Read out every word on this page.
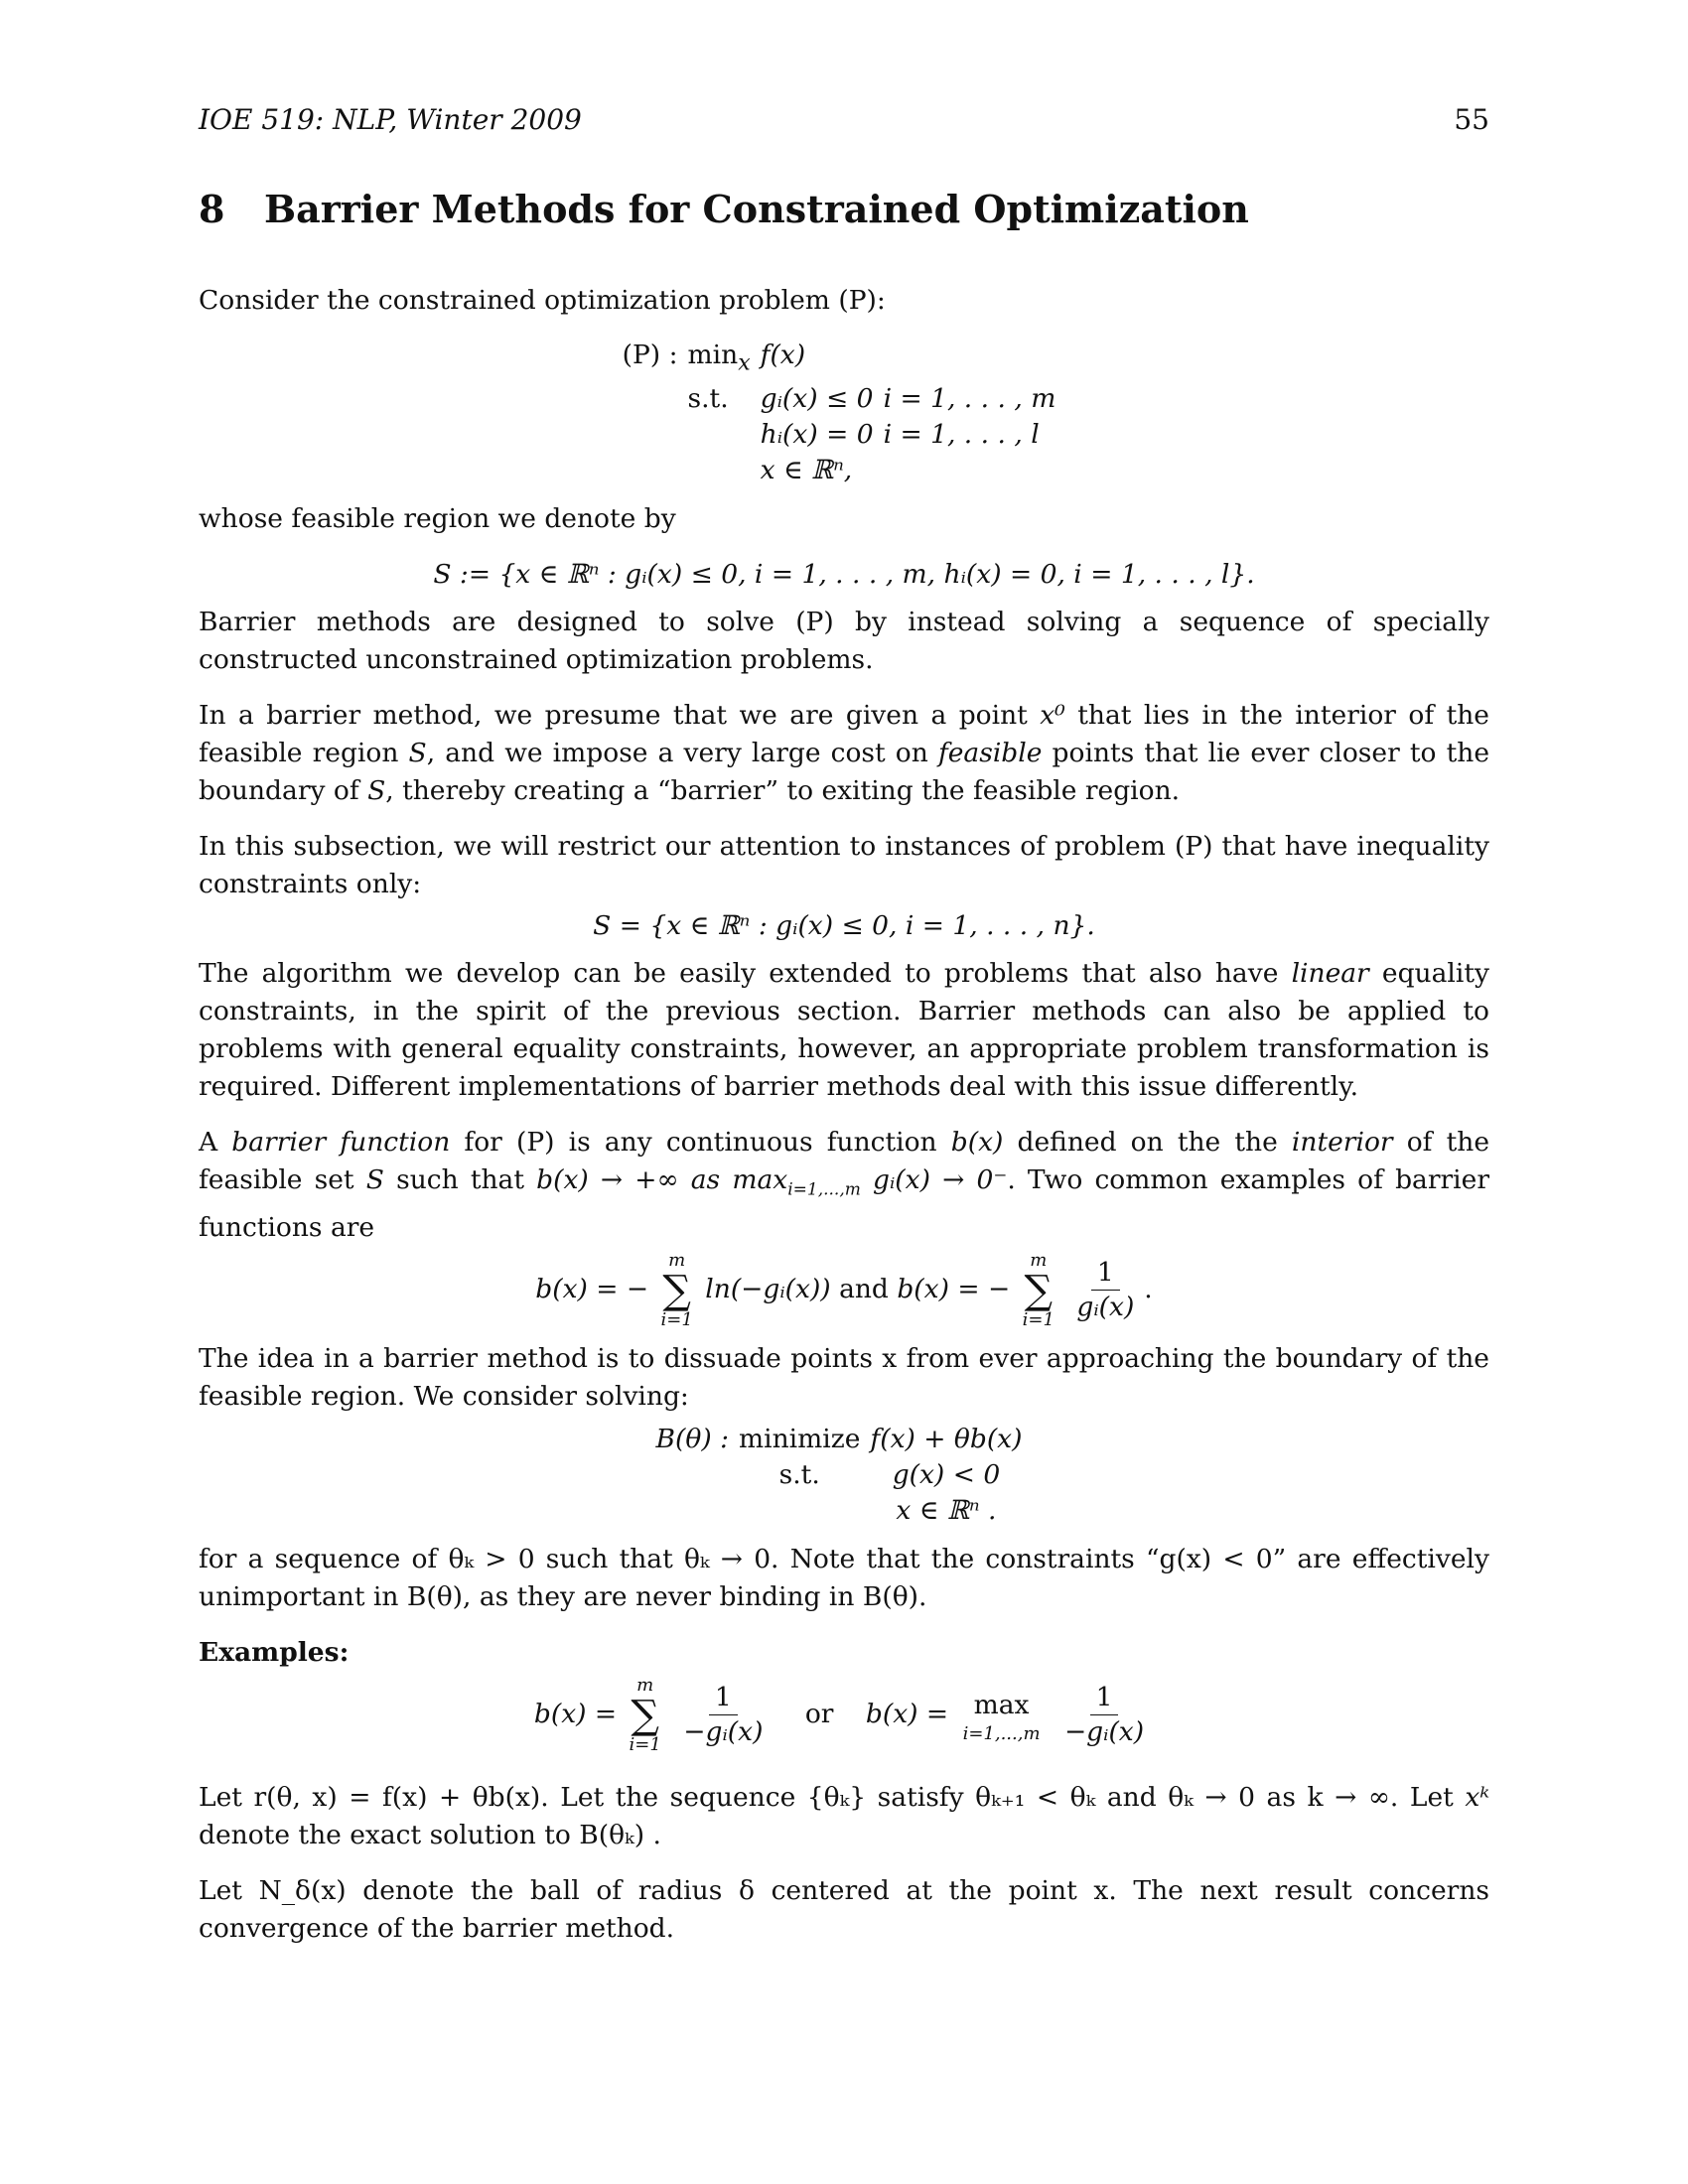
IOE 519: NLP, Winter 2009	55
8 Barrier Methods for Constrained Optimization

Consider the constrained optimization problem (P):

(P) :	$\min_x$	f(x)	
	s.t.	gᵢ(x) ≤ 0	i = 1, . . . , m
		hᵢ(x) = 0	i = 1, . . . , l
		x ∈ ℝⁿ,	

whose feasible region we denote by

S := {x ∈ ℝⁿ : gᵢ(x) ≤ 0, i = 1, . . . , m, hᵢ(x) = 0, i = 1, . . . , l}.

Barrier methods are designed to solve (P) by instead solving a sequence of specially constructed unconstrained optimization problems.

In a barrier method, we presume that we are given a point x⁰ that lies in the interior of the feasible region S, and we impose a very large cost on feasible points that lie ever closer to the boundary of S, thereby creating a “barrier” to exiting the feasible region.

In this subsection, we will restrict our attention to instances of problem (P) that have inequality constraints only:

S = {x ∈ ℝⁿ : gᵢ(x) ≤ 0, i = 1, . . . , n}.

The algorithm we develop can be easily extended to problems that also have linear equality constraints, in the spirit of the previous section. Barrier methods can also be applied to problems with general equality constraints, however, an appropriate problem transformation is required. Different implementations of barrier methods deal with this issue differently.

A barrier function for (P) is any continuous function b(x) defined on the the interior of the feasible set S such that b(x) → +∞ as $\max_{i=1,...,m}$ gᵢ(x) → 0⁻. Two common examples of barrier functions are

b(x) = −
m
∑
i=1
ln(−gᵢ(x)) and b(x) = −
m
∑
i=1
$\frac{1}{\text{gᵢ(x)}}$ .

The idea in a barrier method is to dissuade points x from ever approaching the boundary of the feasible region. We consider solving:

B(θ) :	minimize	f(x) + θb(x)
	s.t.	g(x) < 0
		x ∈ ℝⁿ .

for a sequence of θₖ > 0 such that θₖ → 0. Note that the constraints “g(x) < 0” are effectively unimportant in B(θ), as they are never binding in B(θ).

Examples:
b(x) =
m
∑
i=1
$\frac{1}{\text{−gᵢ(x)}}$ or b(x) = max
i=1,...,m
$\frac{1}{\text{−gᵢ(x)}}$

Let r(θ, x) = f(x) + θb(x). Let the sequence {θₖ} satisfy θₖ₊₁ < θₖ and θₖ → 0 as k → ∞. Let xᵏ denote the exact solution to B(θₖ) .

Let N_δ(x) denote the ball of radius δ centered at the point x. The next result concerns convergence of the barrier method.
